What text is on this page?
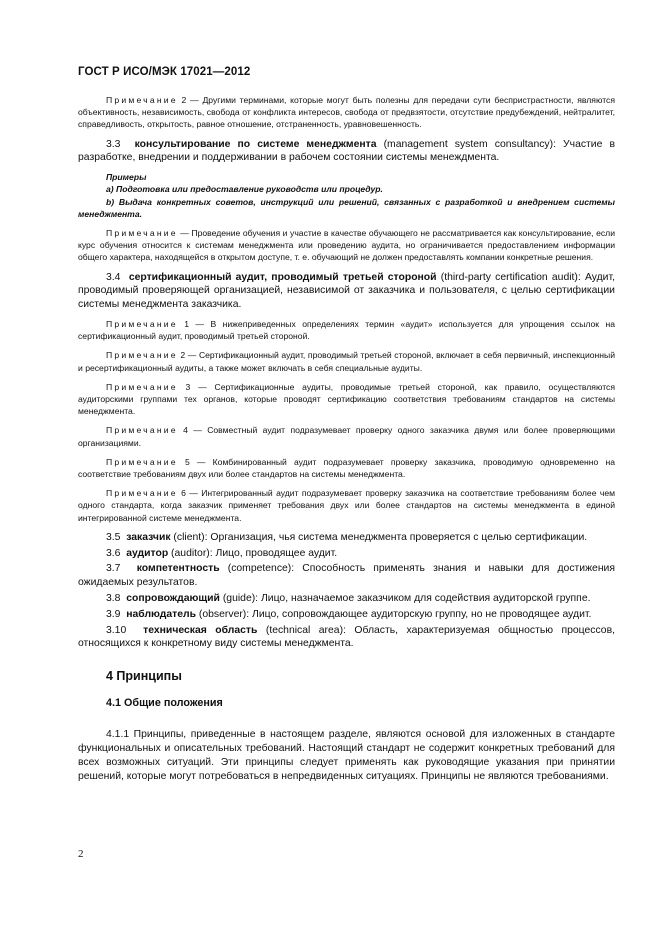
ГОСТ Р ИСО/МЭК 17021—2012

Примечание 2 — Другими терминами, которые могут быть полезны для передачи сути беспристрастности, являются объективность, независимость, свобода от конфликта интересов, свобода от предвзятости, отсутствие предубеждений, нейтралитет, справедливость, открытость, равное отношение, отстраненность, уравновешенность.

3.3 консультирование по системе менеджмента (management system consultancy): Участие в разработке, внедрении и поддерживании в рабочем состоянии системы менеждмента.

Примеры

а) Подготовка или предоставление руководств или процедур.

b) Выдача конкретных советов, инструкций или решений, связанных с разработкой и внедрением системы менеджмента.

Примечание — Проведение обучения и участие в качестве обучающего не рассматривается как консультирование, если курс обучения относится к системам менеджмента или проведению аудита, но ограничивается предоставлением информации общего характера, находящейся в открытом доступе, т. е. обучающий не должен предоставлять компании конкретные решения.

3.4 сертификационный аудит, проводимый третьей стороной (third-party certification audit): Аудит, проводимый проверяющей организацией, независимой от заказчика и пользователя, с целью сертификации системы менеджмента заказчика.

Примечание 1 — В нижеприведенных определениях термин «аудит» используется для упрощения ссылок на сертификационный аудит, проводимый третьей стороной.

Примечание 2 — Сертификационный аудит, проводимый третьей стороной, включает в себя первичный, инспекционный и ресертификационный аудиты, а также может включать в себя специальные аудиты.

Примечание 3 — Сертификационные аудиты, проводимые третьей стороной, как правило, осуществляются аудиторскими группами тех органов, которые проводят сертификацию соответствия требованиям стандартов на системы менеджмента.

Примечание 4 — Совместный аудит подразумевает проверку одного заказчика двумя или более проверяющими организациями.

Примечание 5 — Комбинированный аудит подразумевает проверку заказчика, проводимую одновременно на соответствие требованиям двух или более стандартов на системы менеджмента.

Примечание 6 — Интегрированный аудит подразумевает проверку заказчика на соответствие требованиям более чем одного стандарта, когда заказчик применяет требования двух или более стандартов на системы менеджмента в единой интегрированной системе менеджмента.

3.5 заказчик (client): Организация, чья система менеджмента проверяется с целью сертификации.

3.6 аудитор (auditor): Лицо, проводящее аудит.

3.7 компетентность (competence): Способность применять знания и навыки для достижения ожидаемых результатов.

3.8 сопровождающий (guide): Лицо, назначаемое заказчиком для содействия аудиторской группе.

3.9 наблюдатель (observer): Лицо, сопровождающее аудиторскую группу, но не проводящее аудит.

3.10 техническая область (technical area): Область, характеризуемая общностью процессов, относящихся к конкретному виду системы менеджмента.

4 Принципы
4.1 Общие положения

4.1.1 Принципы, приведенные в настоящем разделе, являются основой для изложенных в стандарте функциональных и описательных требований. Настоящий стандарт не содержит конкретных требований для всех возможных ситуаций. Эти принципы следует применять как руководящие указания при принятии решений, которые могут потребоваться в непредвиденных ситуациях. Принципы не являются требованиями.

2
